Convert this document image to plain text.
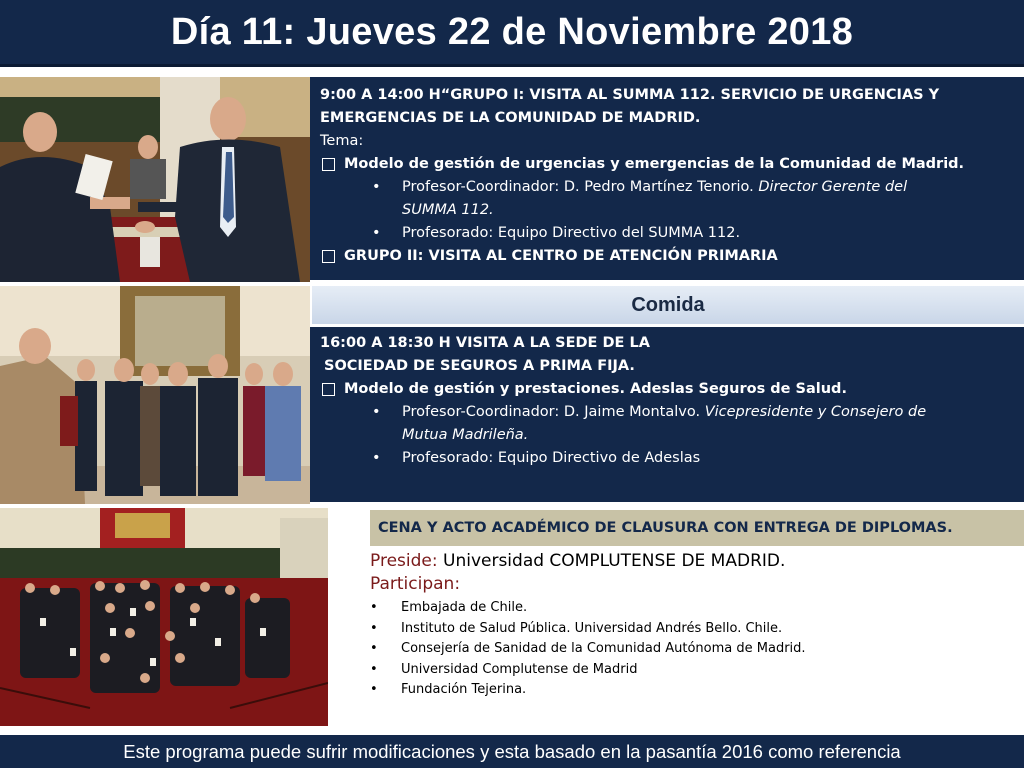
Día 11: Jueves 22 de Noviembre 2018
9:00 A 14:00 H“GRUPO I: VISITA AL SUMMA 112. SERVICIO DE URGENCIAS Y
EMERGENCIAS DE LA COMUNIDAD DE MADRID.
Tema:
Modelo de gestión de urgencias y emergencias de la Comunidad de Madrid.
•	Profesor-Coordinador: D. Pedro Martínez Tenorio. Director Gerente del
SUMMA 112.
•	Profesorado: Equipo Directivo del SUMMA 112.
GRUPO II: VISITA AL CENTRO DE ATENCIÓN PRIMARIA
Comida
16:00 A 18:30 H VISITA A LA SEDE DE LA
SOCIEDAD DE SEGUROS A PRIMA FIJA.
Modelo de gestión y prestaciones. Adeslas Seguros de Salud.
•	Profesor-Coordinador: D. Jaime Montalvo. Vicepresidente y Consejero de
Mutua Madrileña.
•	Profesorado: Equipo Directivo de Adeslas
CENA Y ACTO ACADÉMICO DE CLAUSURA CON ENTREGA DE DIPLOMAS.
Preside: Universidad COMPLUTENSE DE MADRID.
Participan:
•	Embajada de Chile.
•	Instituto de Salud Pública. Universidad Andrés Bello. Chile.
•	Consejería de Sanidad de la Comunidad Autónoma de Madrid.
•	Universidad Complutense de Madrid
•	Fundación Tejerina.
Este programa puede sufrir modificaciones y esta basado en la pasantía 2016 como referencia
